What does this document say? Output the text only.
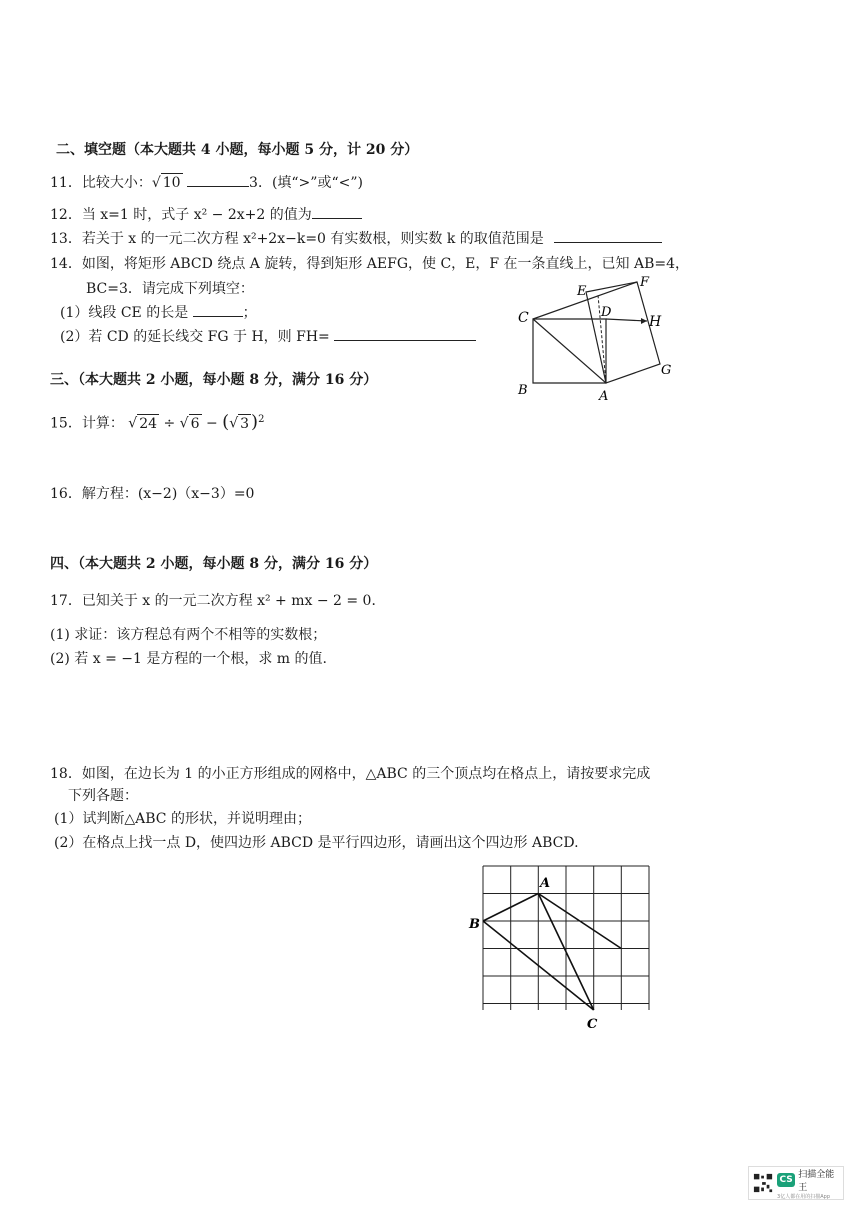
二、填空题（本大题共 4 小题，每小题 5 分，计 20 分）
11．比较大小：√ 10	3．(填“>”或“<”)
12．当 x=1 时，式子 x² − 2x+2 的值为
13．若关于 x 的一元二次方程 x²+2x−k=0 有实数根，则实数 k 的取值范围是
14．如图，将矩形 ABCD 绕点 A 旋转，得到矩形 AEFG，使 C，E，F 在一条直线上，已知 AB=4，
BC=3．请完成下列填空：
(1）线段 CE 的长是	；
(2）若 CD 的延长线交 FG 于 H，则 FH=
C
E
F
D
H
B	A
G
三、（本大题共 2 小题，每小题 8 分，满分 16 分）
15．计算： √ 24 ÷ √ 6 − (√ 3 )$^2$
16．解方程：(x−2)（x−3）=0
四、（本大题共 2 小题，每小题 8 分，满分 16 分）
17．已知关于 x 的一元二次方程 x² + mx − 2 = 0．
(1) 求证：该方程总有两个不相等的实数根；
(2) 若 x = −1 是方程的一个根，求 m 的值.
18．如图，在边长为 1 的小正方形组成的网格中，△ABC 的三个顶点均在格点上，请按要求完成
下列各题：
(1）试判断△ABC 的形状，并说明理由；
(2）在格点上找一点 D，使四边形 ABCD 是平行四边形，请画出这个四边形 ABCD.
A
B
C
CS 扫描全能王
3亿人都在用的扫描App
